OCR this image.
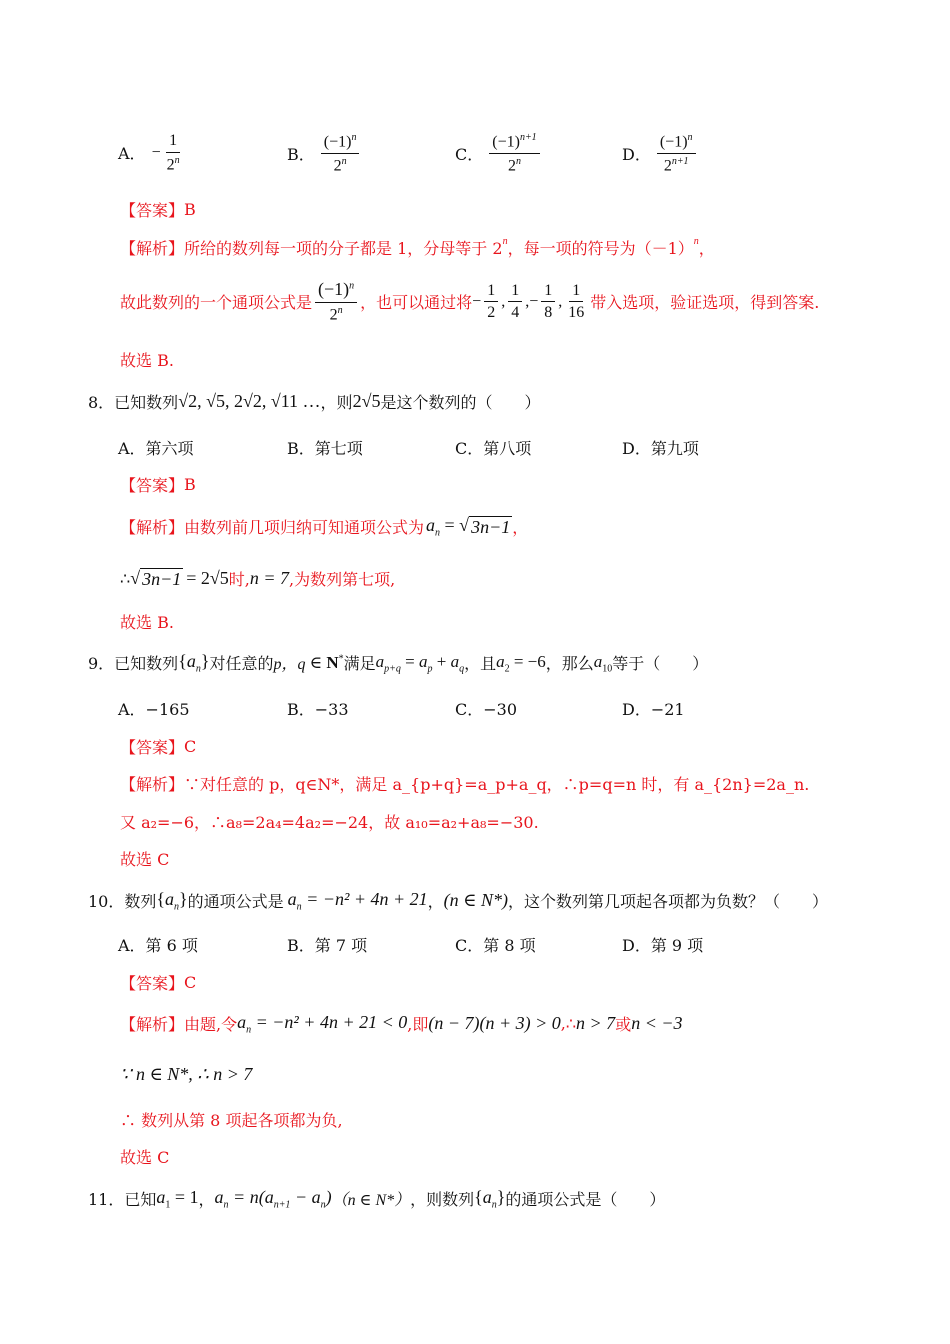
A． − $\frac{1}{2^n}$	B． $\frac{(-1)^n}{2^n}$	C． $\frac{(-1)^{n+1}}{2^n}$	D． $\frac{(-1)^n}{2^{n+1}}$
【答案】 B
【解析】 所给的数列每一项的分子都是 1，分母等于 2$^n$ ，每一项的符号为$(-1)^n$ ，
故此数列的一个通项公式是 $\frac{(-1)^n}{2^n}$ ，也可以通过将 − $\frac{1}{2}$ , $\frac{1}{4}$ ,− $\frac{1}{8}$ , $\frac{1}{16}$ 带入选项，验证选项，得到答案.
故选 B.
8．已知数列 √2, √5, 2√2, √11 … ，则 2√5 是这个数列的（　　）
A．第六项	B．第七项	C．第八项	D．第九项
【答案】 B
【解析】 由数列前几项归纳可知通项公式为 $a_n$ = √ 3n−1 ，
∴ √ 3n−1 = 2√5 时, n = 7 ,为数列第七项,
故选 B.
9．已知数列 $\{a_n\}$ 对任意的 p，q ∈ N* 满足 $a_{p+q} = a_p + a_q$ ，且 $a_2 = -6$ ，那么 $a_{10}$ 等于（　　）
A．−165	B．−33	C．−30	D．−21
【答案】 C
【解析】 ∵对任意的 p，q∈N*，满足 a_{p+q}=a_p+a_q，∴p=q=n 时，有 a_{2n}=2a_n.
又 a₂=−6，∴a₈=2a₄=4a₂=−24，故 a₁₀=a₂+a₈=−30.
故选 C
10．数列 $\{a_n\}$ 的通项公式是 $a_n = -n^2 + 4n + 21$ ， (n ∈ N*) ，这个数列第几项起各项都为负数？（　　）
A．第 6 项	B．第 7 项	C．第 8 项	D．第 9 项
【答案】 C
【解析】 由题,令 $a_n = -n^2 + 4n + 21 < 0$ ,即 (n − 7)(n + 3) > 0 ,∴ n > 7 或 n < −3
∵ n ∈ N*, ∴ n > 7
∴ 数列从第 8 项起各项都为负,
故选 C
11．已知 $a_1 = 1$ ， $a_n = n(a_{n+1} - a_n)$ （n ∈ N*） ，则数列 $\{a_n\}$ 的通项公式是（　　）
